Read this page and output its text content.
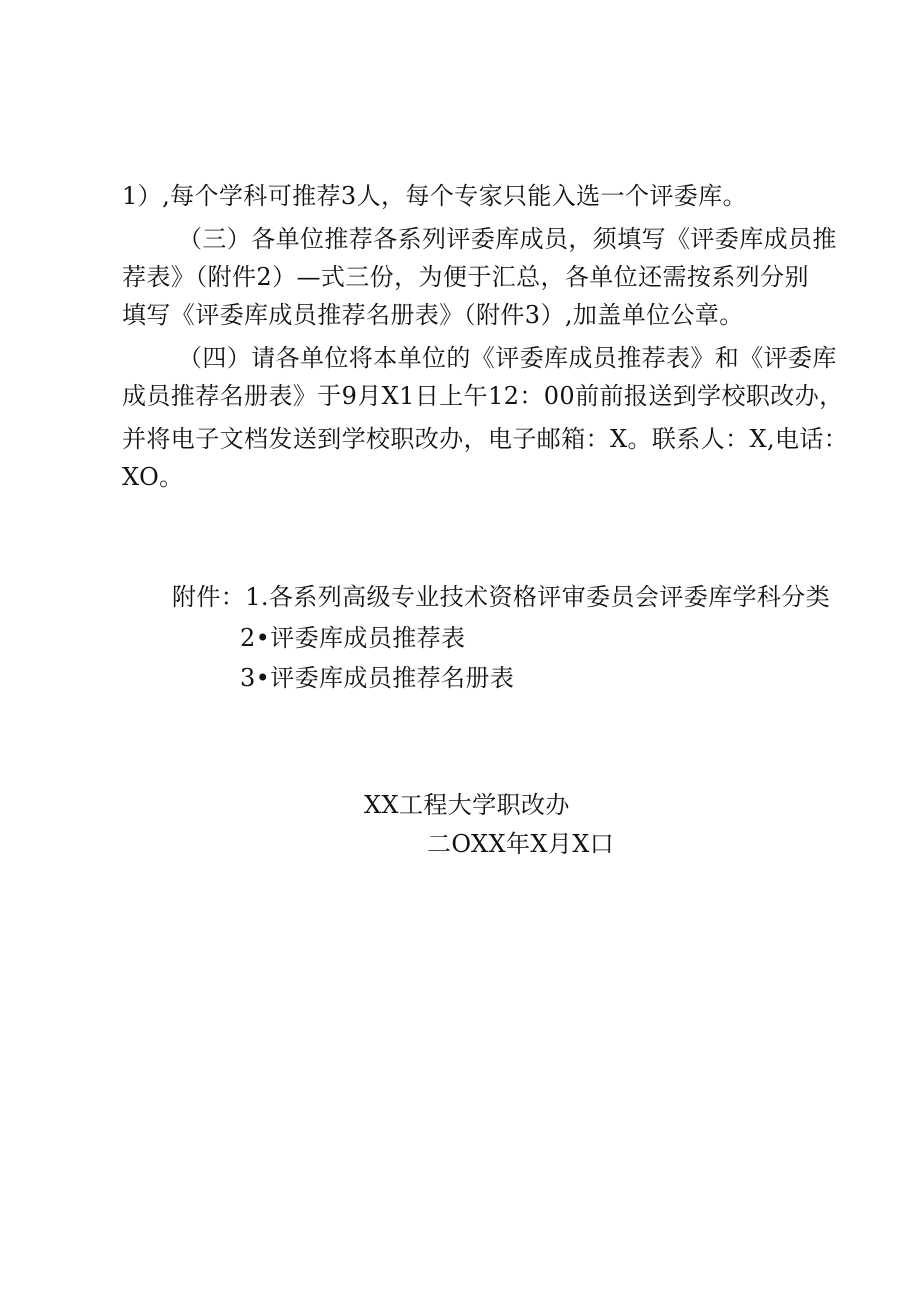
1）,每个学科可推荐3人，每个专家只能入选一个评委库。
（三）各单位推荐各系列评委库成员，须填写《评委库成员推
荐表》（附件2）—式三份，为便于汇总，各单位还需按系列分别
填写《评委库成员推荐名册表》（附件3）,加盖单位公章。
（四）请各单位将本单位的《评委库成员推荐表》和《评委库
成员推荐名册表》于9月X1日上午12：00前前报送到学校职改办，
并将电子文档发送到学校职改办，电子邮箱：X。联系人：X,电话：
XO。
附件：1.各系列高级专业技术资格评审委员会评委库学科分类
2•评委库成员推荐表
3•评委库成员推荐名册表
XX工程大学职改办
二OXX年X月X口
